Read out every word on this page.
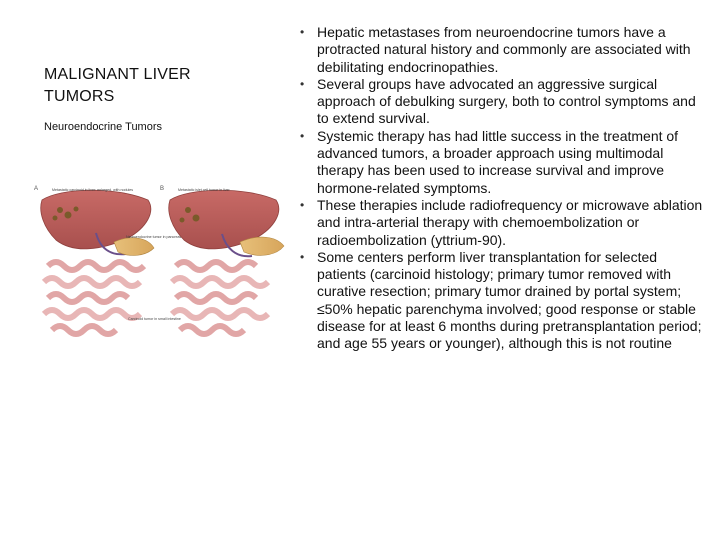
MALIGNANT LIVER TUMORS
Neuroendocrine Tumors
A	Metastatic carcinoid in liver: enlarged, with nodules
Neuroendocrine tumor in pancreas
Carcinoid tumor in small intestine
B	Metastatic islet cell tumor in liver
• Hepatic metastases from neuroendocrine tumors have a protracted natural history and commonly are associated with debilitating endocrinopathies.
• Several groups have advocated an aggressive surgical approach of debulking surgery, both to control symptoms and to extend survival.
• Systemic therapy has had little success in the treatment of advanced tumors, a broader approach using multimodal therapy has been used to increase survival and improve hormone-related symptoms.
• These therapies include radiofrequency or microwave ablation and intra-arterial therapy with chemoembolization or radioembolization (yttrium-90).
• Some centers perform liver transplantation for selected patients (carcinoid histology; primary tumor removed with curative resection; primary tumor drained by portal system; ≤50% hepatic parenchyma involved; good response or stable disease for at least 6 months during pretransplantation period; and age 55 years or younger), although this is not routine
